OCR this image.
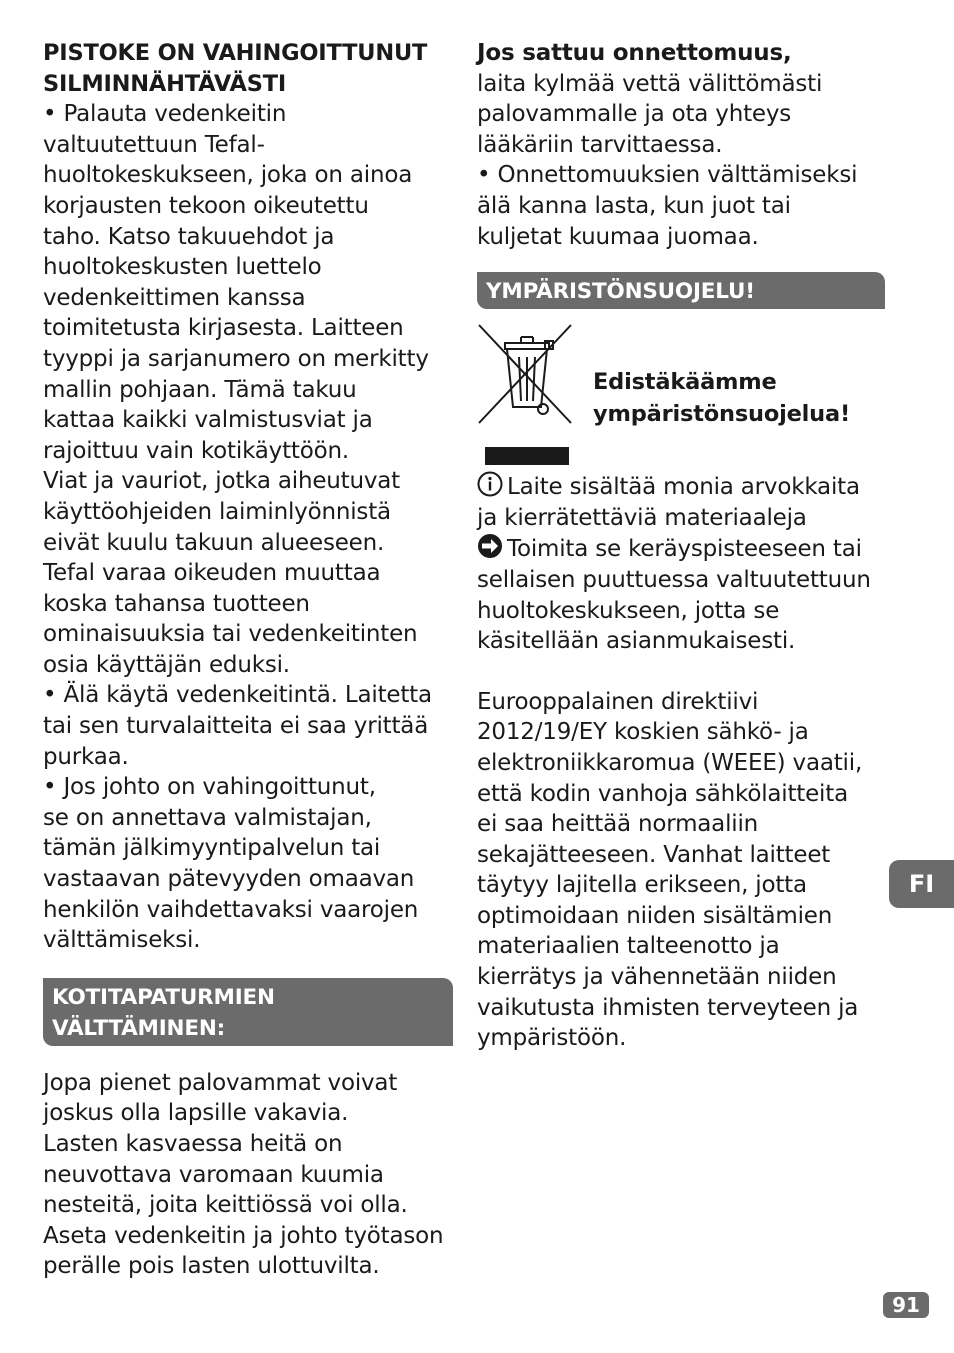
PISTOKE ON VAHINGOITTUNUT
SILMINNÄHTÄVÄSTI

• Palauta vedenkeitin
valtuutettuun Tefal-
huoltokeskukseen, joka on ainoa
korjausten tekoon oikeutettu
taho. Katso takuuehdot ja
huoltokeskusten luettelo
vedenkeittimen kanssa
toimitetusta kirjasesta. Laitteen
tyyppi ja sarjanumero on merkitty
mallin pohjaan. Tämä takuu
kattaa kaikki valmistusviat ja
rajoittuu vain kotikäyttöön.
Viat ja vauriot, jotka aiheutuvat
käyttöohjeiden laiminlyönnistä
eivät kuulu takuun alueeseen.
Tefal varaa oikeuden muuttaa
koska tahansa tuotteen
ominaisuuksia tai vedenkeitinten
osia käyttäjän eduksi.
• Älä käytä vedenkeitintä. Laitetta
tai sen turvalaitteita ei saa yrittää
purkaa.
• Jos johto on vahingoittunut,
se on annettava valmistajan,
tämän jälkimyyntipalvelun tai
vastaavan pätevyyden omaavan
henkilön vaihdettavaksi vaarojen
välttämiseksi.

KOTITAPATURMIEN
VÄLTTÄMINEN:

Jopa pienet palovammat voivat
joskus olla lapsille vakavia.
Lasten kasvaessa heitä on
neuvottava varomaan kuumia
nesteitä, joita keittiössä voi olla.
Aseta vedenkeitin ja johto työtason
perälle pois lasten ulottuvilta.

Jos sattuu onnettomuus,

laita kylmää vettä välittömästi
palovammalle ja ota yhteys
lääkäriin tarvittaessa.
• Onnettomuuksien välttämiseksi
älä kanna lasta, kun juot tai
kuljetat kuumaa juomaa.

YMPÄRISTÖNSUOJELU!

Edistäkäämme
ympäristönsuojelua!

Laite sisältää monia arvokkaita
ja kierrätettäviä materiaaleja

Toimita se keräyspisteeseen tai
sellaisen puuttuessa valtuutettuun
huoltokeskukseen, jotta se
käsitellään asianmukaisesti.

Eurooppalainen direktiivi
2012/19/EY koskien sähkö- ja
elektroniikkaromua (WEEE) vaatii,
että kodin vanhoja sähkölaitteita
ei saa heittää normaaliin
sekajätteeseen. Vanhat laitteet
täytyy lajitella erikseen, jotta
optimoidaan niiden sisältämien
materiaalien talteenotto ja
kierrätys ja vähennetään niiden
vaikutusta ihmisten terveyteen ja
ympäristöön.

FI
91
